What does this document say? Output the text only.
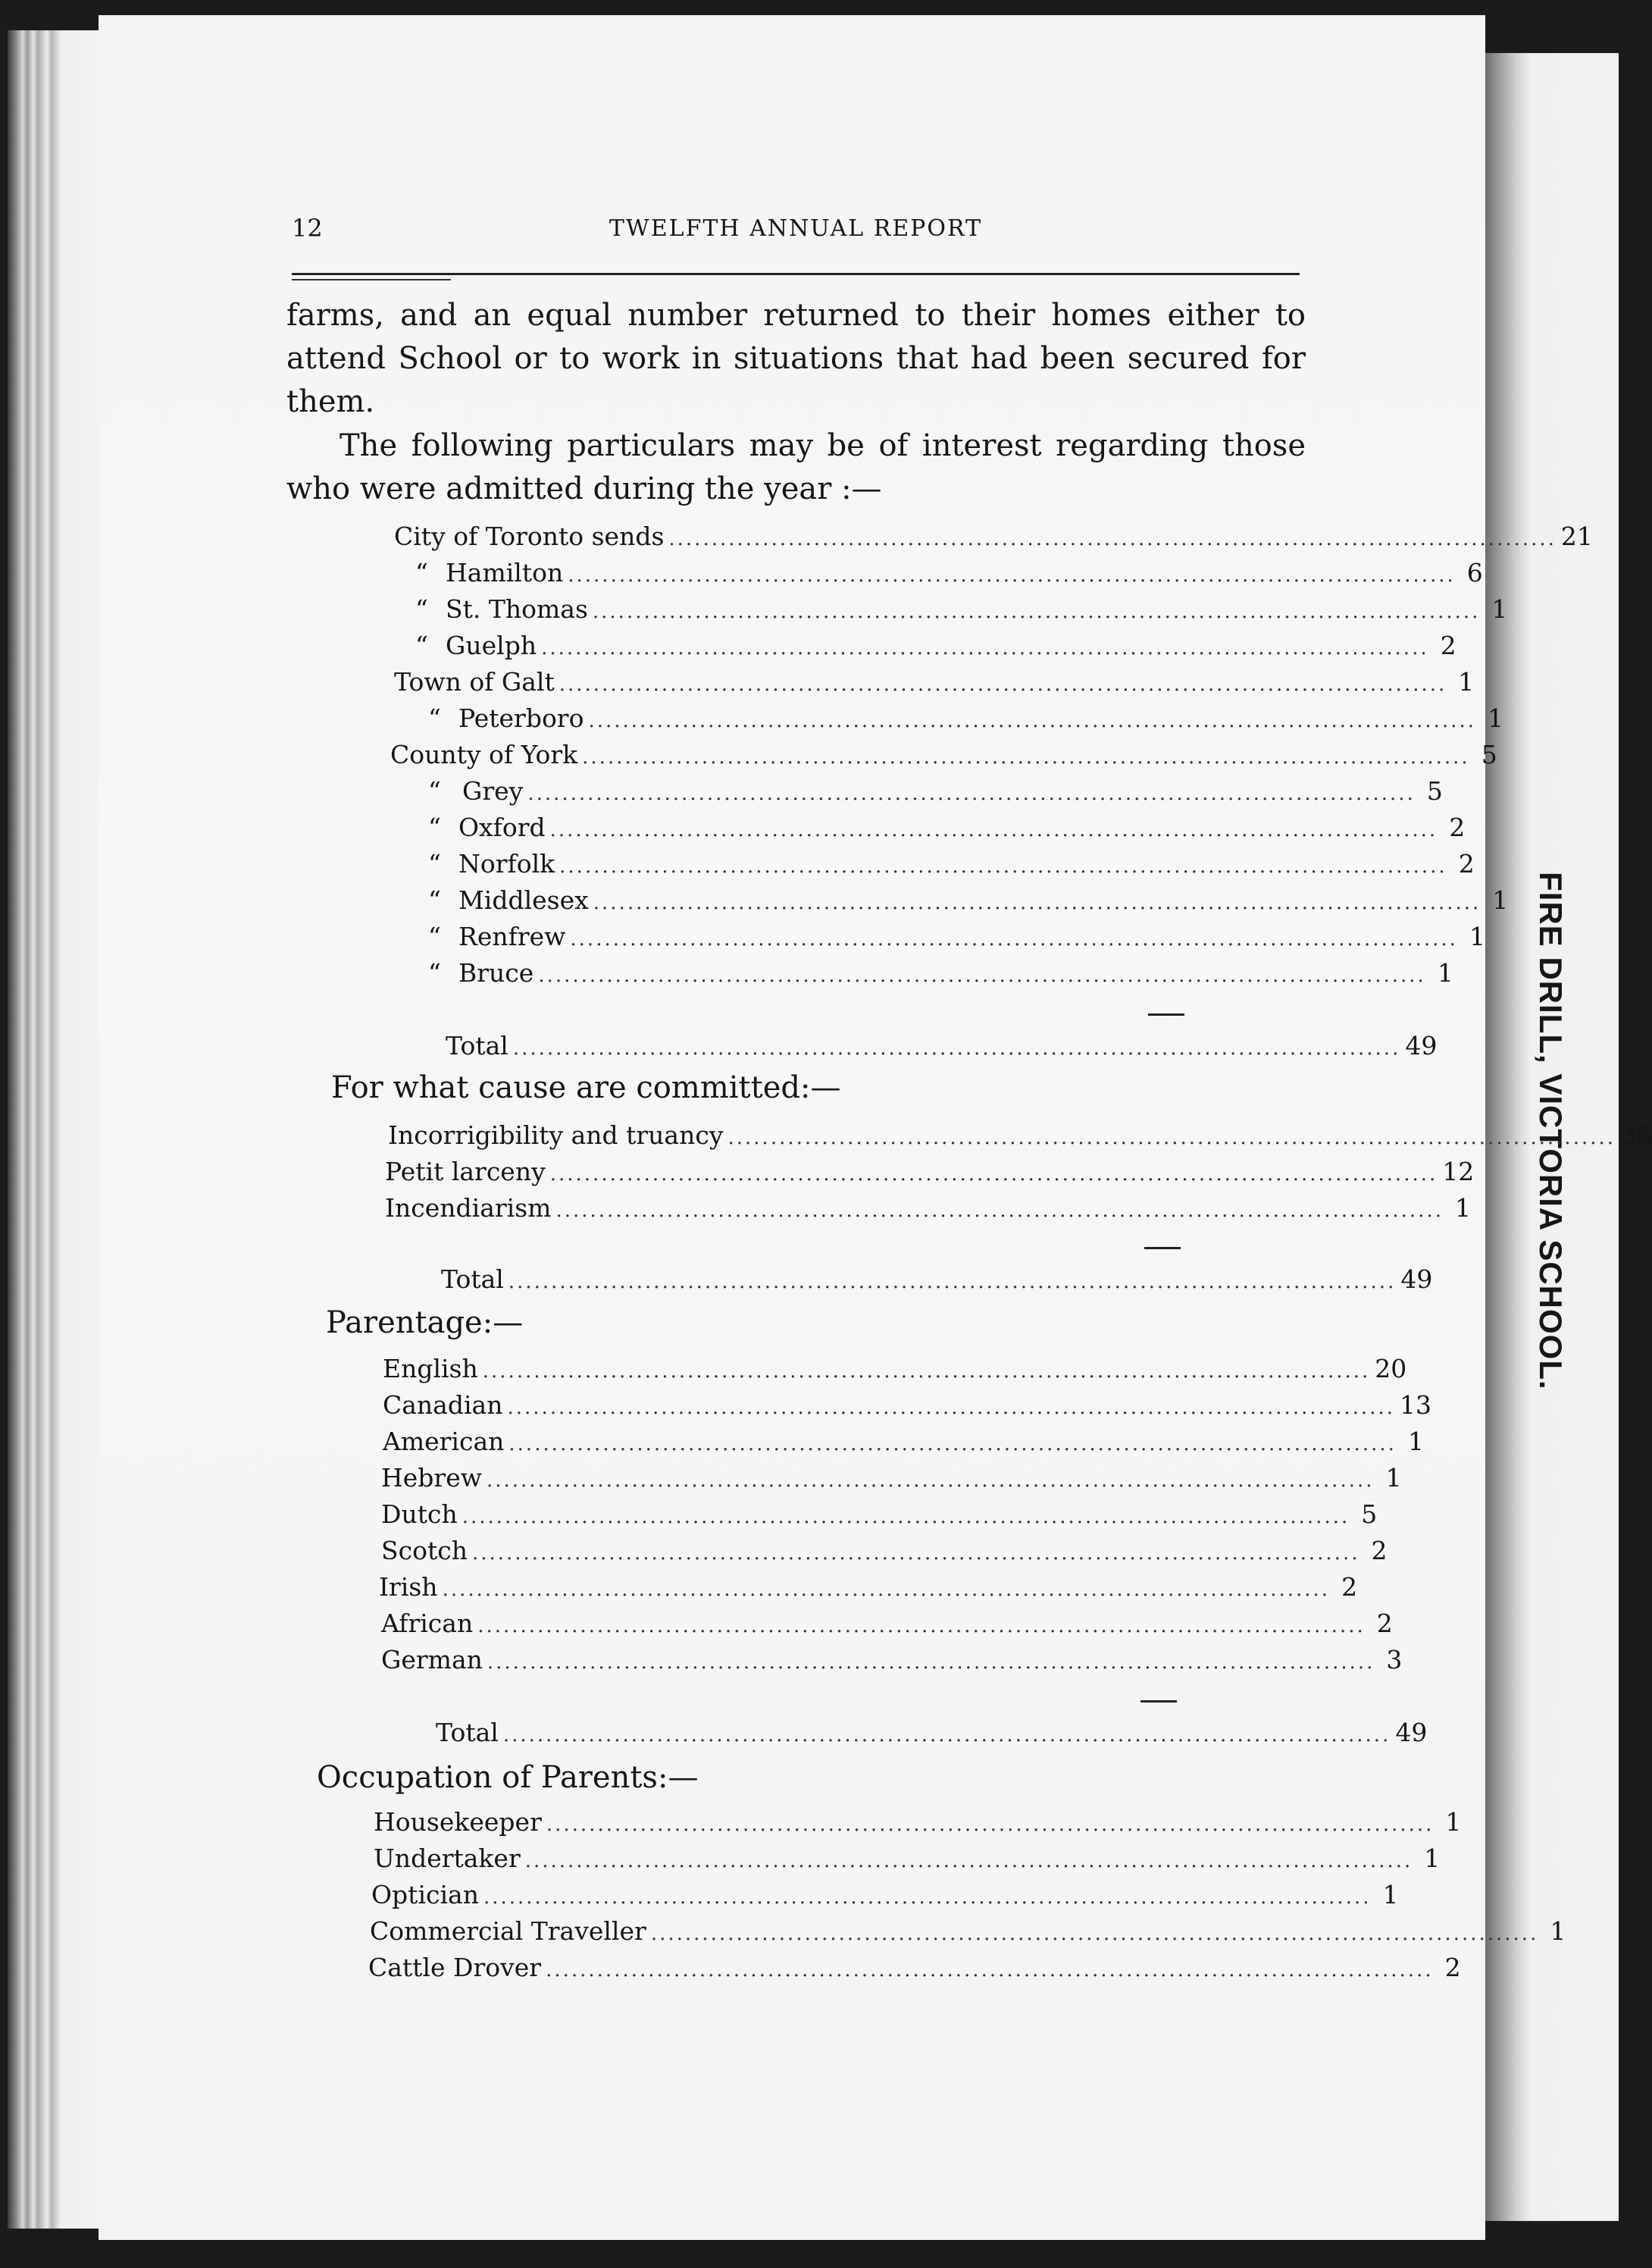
FIRE DRILL, VICTORIA SCHOOL.
12	TWELFTH ANNUAL REPORT
farms, and an equal number returned to their homes either to attend School or to work in situations that had been secured for them.
The following particulars may be of interest regarding those who were admitted during the year :—
City of Toronto sends ........................................................................................................ 21
“ Hamilton ........................................................................................................ 6
“ St. Thomas ........................................................................................................ 1
“ Guelph ........................................................................................................ 2
Town of Galt ........................................................................................................ 1
“ Peterboro ........................................................................................................ 1
County of York ........................................................................................................ 5
“ Grey ........................................................................................................ 5
“ Oxford ........................................................................................................ 2
“ Norfolk ........................................................................................................ 2
“ Middlesex ........................................................................................................ 1
“ Renfrew ........................................................................................................ 1
“ Bruce ........................................................................................................ 1
Total ........................................................................................................ 49
For what cause are committed:—
Incorrigibility and truancy ........................................................................................................ 36
Petit larceny ........................................................................................................ 12
Incendiarism ........................................................................................................ 1
Total ........................................................................................................ 49
Parentage:—
English ........................................................................................................ 20
Canadian ........................................................................................................ 13
American ........................................................................................................ 1
Hebrew ........................................................................................................ 1
Dutch ........................................................................................................ 5
Scotch ........................................................................................................ 2
Irish ........................................................................................................ 2
African ........................................................................................................ 2
German ........................................................................................................ 3
Total ........................................................................................................ 49
Occupation of Parents:—
Housekeeper ........................................................................................................ 1
Undertaker ........................................................................................................ 1
Optician ........................................................................................................ 1
Commercial Traveller ........................................................................................................ 1
Cattle Drover ........................................................................................................ 2
